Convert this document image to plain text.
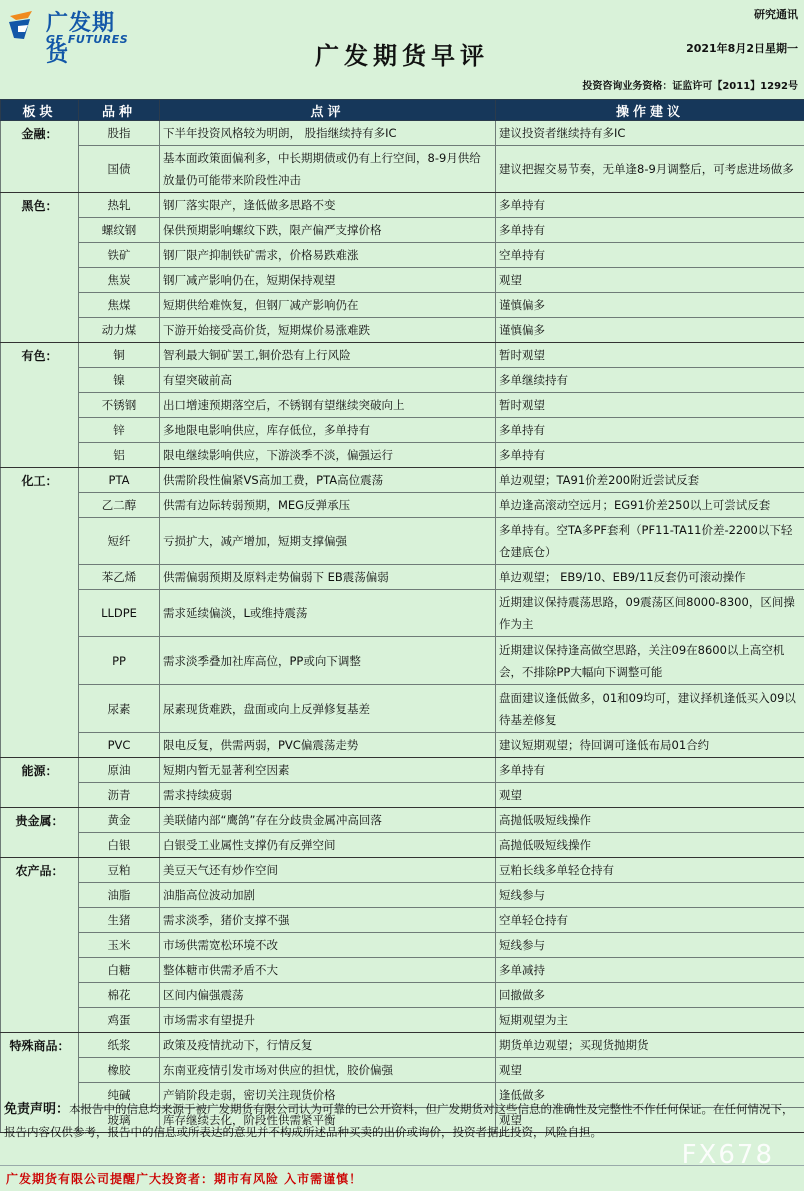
广发期货
GF FUTURES
研究通讯
广发期货早评	2021年8月2日星期一
投资咨询业务资格：证监许可【2011】1292号
板块	品种	点评	操作建议
金融：	股指	下半年投资风格较为明朗， 股指继续持有多IC	建议投资者继续持有多IC
	国债	基本面政策面偏利多，中长期期债或仍有上行空间，8-9月供给放量仍可能带来阶段性冲击	建议把握交易节奏，无单逢8-9月调整后，可考虑进场做多
黑色：	热轧	钢厂落实限产，逢低做多思路不变	多单持有
	螺纹钢	保供预期影响螺纹下跌，限产偏严支撑价格	多单持有
	铁矿	钢厂限产抑制铁矿需求，价格易跌难涨	空单持有
	焦炭	钢厂减产影响仍在，短期保持观望	观望
	焦煤	短期供给难恢复，但钢厂减产影响仍在	谨慎偏多
	动力煤	下游开始接受高价货，短期煤价易涨难跌	谨慎偏多
有色：	铜	智利最大铜矿罢工,铜价恐有上行风险	暂时观望
	镍	有望突破前高	多单继续持有
	不锈钢	出口增速预期落空后，不锈钢有望继续突破向上	暂时观望
	锌	多地限电影响供应，库存低位，多单持有	多单持有
	铝	限电继续影响供应，下游淡季不淡，偏强运行	多单持有
化工：	PTA	供需阶段性偏紧VS高加工费，PTA高位震荡	单边观望；TA91价差200附近尝试反套
	乙二醇	供需有边际转弱预期，MEG反弹承压	单边逢高滚动空远月；EG91价差250以上可尝试反套
	短纤	亏损扩大，减产增加，短期支撑偏强	多单持有。空TA多PF套利（PF11-TA11价差-2200以下轻仓建底仓）
	苯乙烯	供需偏弱预期及原料走势偏弱下 EB震荡偏弱	单边观望； EB9/10、EB9/11反套仍可滚动操作
	LLDPE	需求延续偏淡，L或维持震荡	近期建议保持震荡思路，09震荡区间8000-8300，区间操作为主
	PP	需求淡季叠加社库高位，PP或向下调整	近期建议保持逢高做空思路，关注09在8600以上高空机会，不排除PP大幅向下调整可能
	尿素	尿素现货难跌，盘面或向上反弹修复基差	盘面建议逢低做多，01和09均可，建议择机逢低买入09以待基差修复
	PVC	限电反复，供需两弱，PVC偏震荡走势	建议短期观望；待回调可逢低布局01合约
能源：	原油	短期内暂无显著利空因素	多单持有
	沥青	需求持续疲弱	观望
贵金属：	黄金	美联储内部“鹰鸽”存在分歧贵金属冲高回落	高抛低吸短线操作
	白银	白银受工业属性支撑仍有反弹空间	高抛低吸短线操作
农产品：	豆粕	美豆天气还有炒作空间	豆粕长线多单轻仓持有
	油脂	油脂高位波动加剧	短线参与
	生猪	需求淡季，猪价支撑不强	空单轻仓持有
	玉米	市场供需宽松环境不改	短线参与
	白糖	整体糖市供需矛盾不大	多单减持
	棉花	区间内偏强震荡	回撤做多
	鸡蛋	市场需求有望提升	短期观望为主
特殊商品：	纸浆	政策及疫情扰动下，行情反复	期货单边观望；买现货抛期货
	橡胶	东南亚疫情引发市场对供应的担忧，胶价偏强	观望
	纯碱	产销阶段走弱，密切关注现货价格	逢低做多
	玻璃	库存继续去化，阶段性供需紧平衡	观望
免责声明：本报告中的信息均来源于被广发期货有限公司认为可靠的已公开资料，但广发期货对这些信息的准确性及完整性不作任何保证。在任何情况下，报告内容仅供参考，报告中的信息或所表达的意见并不构成所述品种买卖的出价或询价，投资者据此投资，风险自担。
FX678
广发期货有限公司提醒广大投资者：期市有风险 入市需谨慎！
